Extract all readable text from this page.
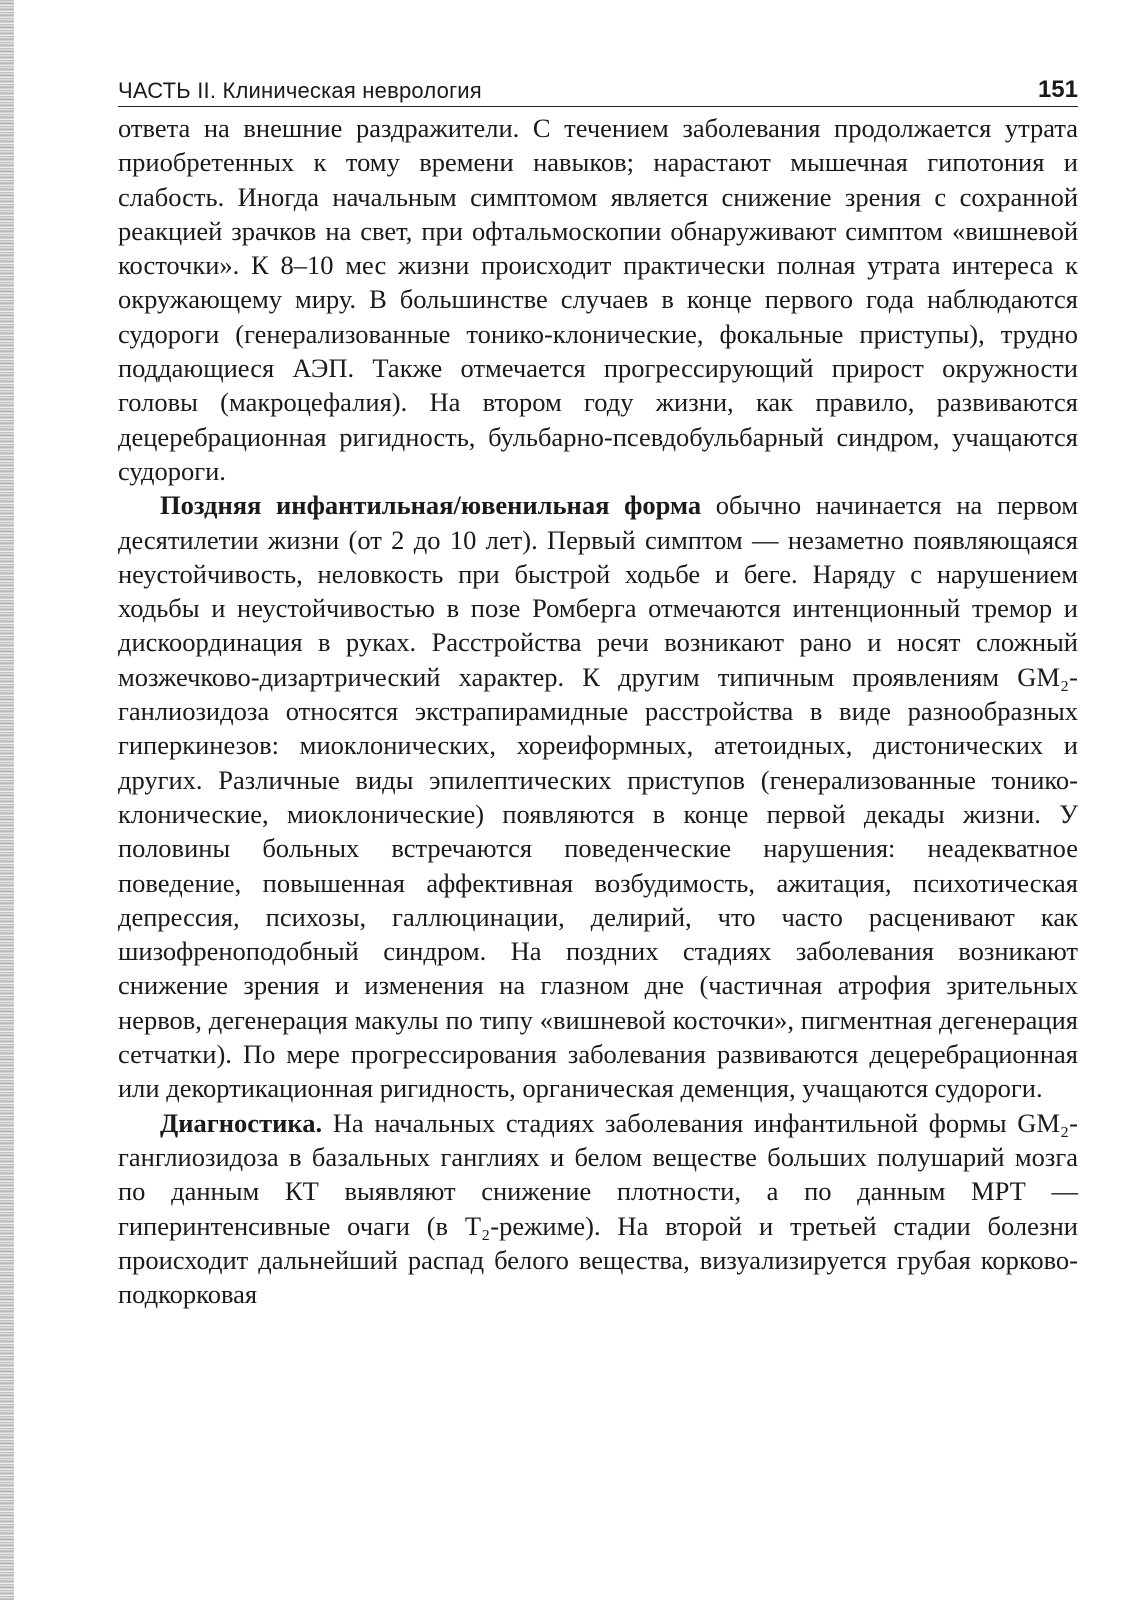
ЧАСТЬ II. Клиническая неврология	151

ответа на внешние раздражители. С течением заболевания продолжается утрата приобретенных к тому времени навыков; нарастают мышечная гипотония и слабость. Иногда начальным симптомом является снижение зрения с сохранной реакцией зрачков на свет, при офтальмоскопии обнаруживают симптом «вишневой косточки». К 8–10 мес жизни происходит практически полная утрата интереса к окружающему миру. В большинстве случаев в конце первого года наблюдаются судороги (генерализованные тонико-клонические, фокальные приступы), трудно поддающиеся АЭП. Также отмечается прогрессирующий прирост окружности головы (макроцефалия). На втором году жизни, как правило, развиваются децеребрационная ригидность, бульбарно-псевдобульбарный синдром, учащаются судороги.

Поздняя инфантильная/ювенильная форма обычно начинается на первом десятилетии жизни (от 2 до 10 лет). Первый симптом — незаметно появляющаяся неустойчивость, неловкость при быстрой ходьбе и беге. Наряду с нарушением ходьбы и неустойчивостью в позе Ромберга отмечаются интенционный тремор и дискоординация в руках. Расстройства речи возникают рано и носят сложный мозжечково-дизартрический характер. К другим типичным проявлениям GM₂-ганлиозидоза относятся экстрапирамидные расстройства в виде разнообразных гиперкинезов: миоклонических, хореиформных, атетоидных, дистонических и других. Различные виды эпилептических приступов (генерализованные тонико-клонические, миоклонические) появляются в конце первой декады жизни. У половины больных встречаются поведенческие нарушения: неадекватное поведение, повышенная аффективная возбудимость, ажитация, психотическая депрессия, психозы, галлюцинации, делирий, что часто расценивают как шизофреноподобный синдром. На поздних стадиях заболевания возникают снижение зрения и изменения на глазном дне (частичная атрофия зрительных нервов, дегенерация макулы по типу «вишневой косточки», пигментная дегенерация сетчатки). По мере прогрессирования заболевания развиваются децеребрационная или декортикационная ригидность, органическая деменция, учащаются судороги.

Диагностика. На начальных стадиях заболевания инфантильной формы GM₂-ганглиозидоза в базальных ганглиях и белом веществе больших полушарий мозга по данным КТ выявляют снижение плотности, а по данным МРТ — гиперинтенсивные очаги (в T₂-режиме). На второй и третьей стадии болезни происходит дальнейший распад белого вещества, визуализируется грубая корково-подкорковая
